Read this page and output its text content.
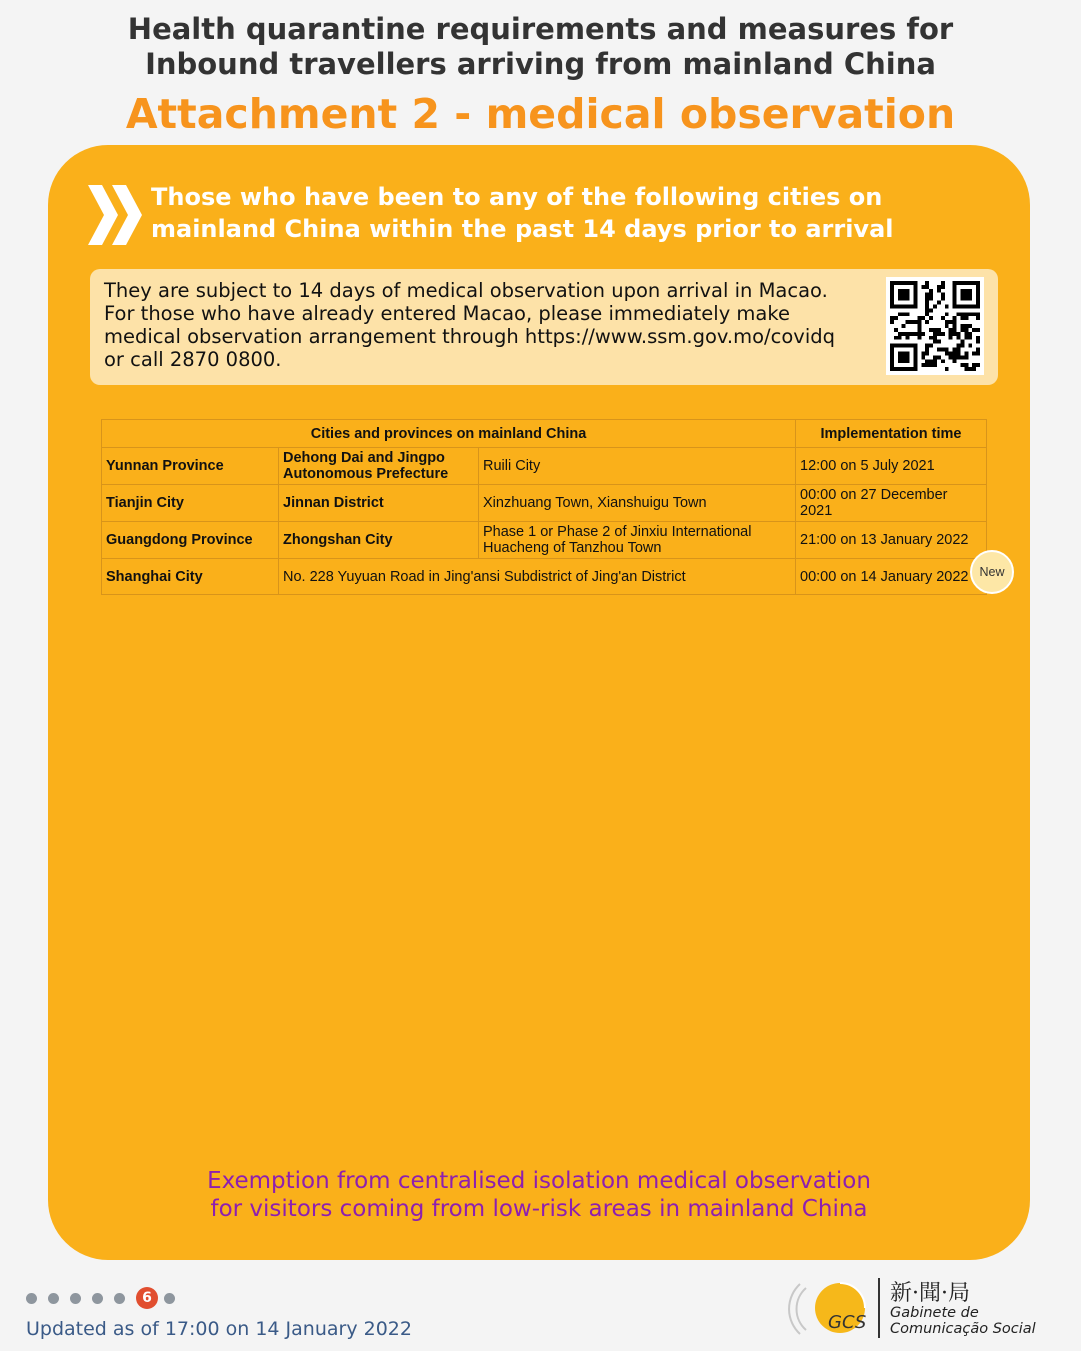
Health quarantine requirements and measures for
Inbound travellers arriving from mainland China
Attachment 2 - medical observation
Those who have been to any of the following cities on
mainland China within the past 14 days prior to arrival
They are subject to 14 days of medical observation upon arrival in Macao.
For those who have already entered Macao, please immediately make
medical observation arrangement through https://www.ssm.gov.mo/covidq
or call 2870 0800.
Cities and provinces on mainland China			Implementation time
Yunnan Province	Dehong Dai and Jingpo Autonomous Prefecture	Ruili City	12:00 on 5 July 2021
Tianjin City	Jinnan District	Xinzhuang Town, Xianshuigu Town	00:00 on 27 December 2021
Guangdong Province	Zhongshan City	Phase 1 or Phase 2 of Jinxiu International Huacheng of Tanzhou Town	21:00 on 13 January 2022
Shanghai City	No. 228 Yuyuan Road in Jing'ansi Subdistrict of Jing'an District		00:00 on 14 January 2022 New
Exemption from centralised isolation medical observation
for visitors coming from low-risk areas in mainland China
6
Updated as of 17:00 on 14 January 2022	GCS
新·聞·局
Gabinete de
Comunicação Social
